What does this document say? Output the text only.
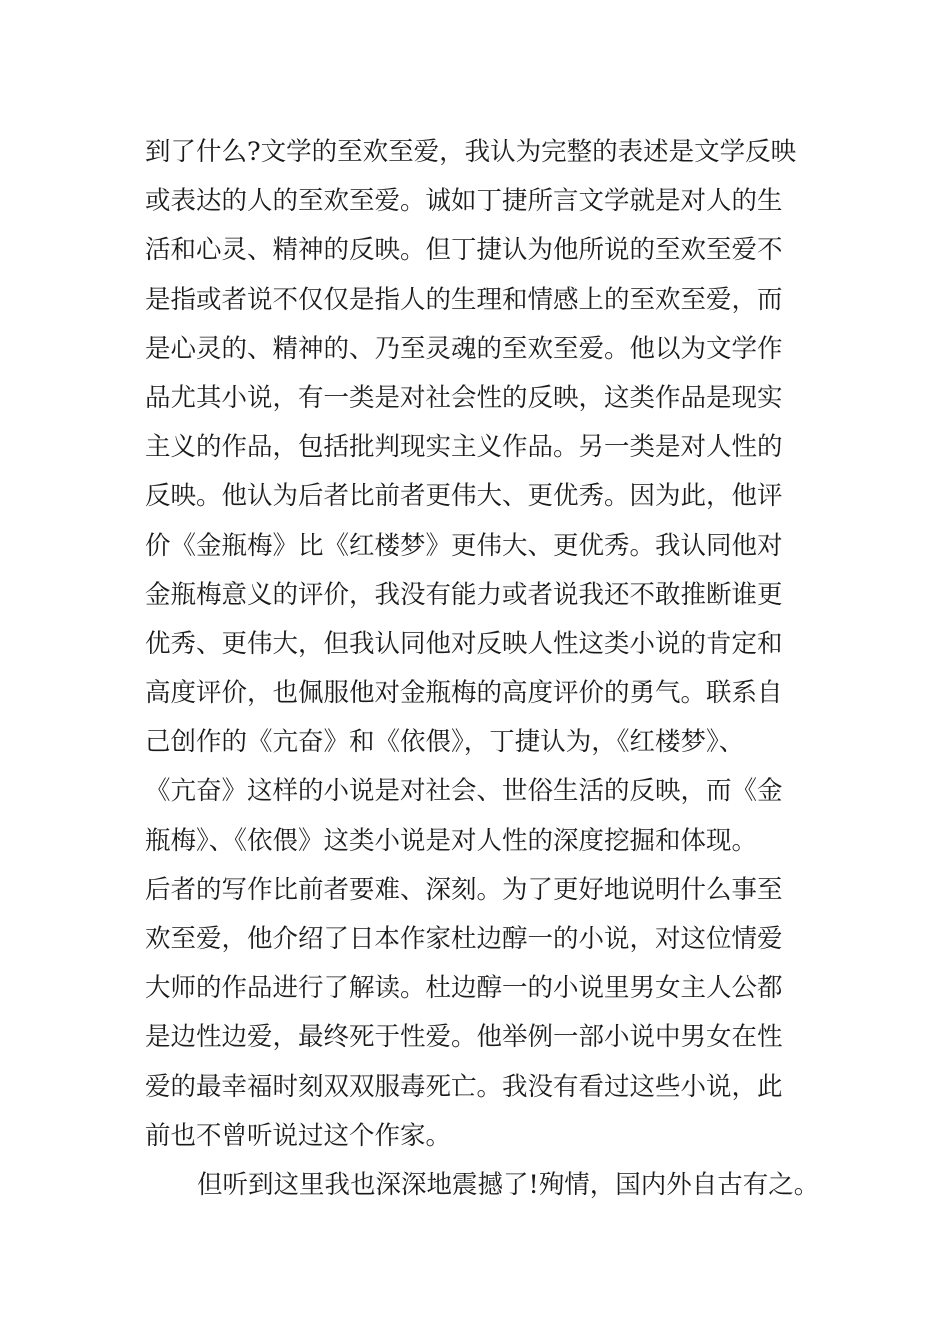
到了什么?文学的至欢至爱，我认为完整的表述是文学反映
或表达的人的至欢至爱。诚如丁捷所言文学就是对人的生
活和心灵、精神的反映。但丁捷认为他所说的至欢至爱不
是指或者说不仅仅是指人的生理和情感上的至欢至爱，而
是心灵的、精神的、乃至灵魂的至欢至爱。他以为文学作
品尤其小说，有一类是对社会性的反映，这类作品是现实
主义的作品，包括批判现实主义作品。另一类是对人性的
反映。他认为后者比前者更伟大、更优秀。因为此，他评
价《金瓶梅》比《红楼梦》更伟大、更优秀。我认同他对
金瓶梅意义的评价，我没有能力或者说我还不敢推断谁更
优秀、更伟大，但我认同他对反映人性这类小说的肯定和
高度评价，也佩服他对金瓶梅的高度评价的勇气。联系自
己创作的《亢奋》和《依偎》，丁捷认为，《红楼梦》、
《亢奋》这样的小说是对社会、世俗生活的反映，而《金
瓶梅》、《依偎》这类小说是对人性的深度挖掘和体现。
后者的写作比前者要难、深刻。为了更好地说明什么事至
欢至爱，他介绍了日本作家杜边醇一的小说，对这位情爱
大师的作品进行了解读。杜边醇一的小说里男女主人公都
是边性边爱，最终死于性爱。他举例一部小说中男女在性
爱的最幸福时刻双双服毒死亡。我没有看过这些小说，此
前也不曾听说过这个作家。
但听到这里我也深深地震撼了!殉情，国内外自古有之。
